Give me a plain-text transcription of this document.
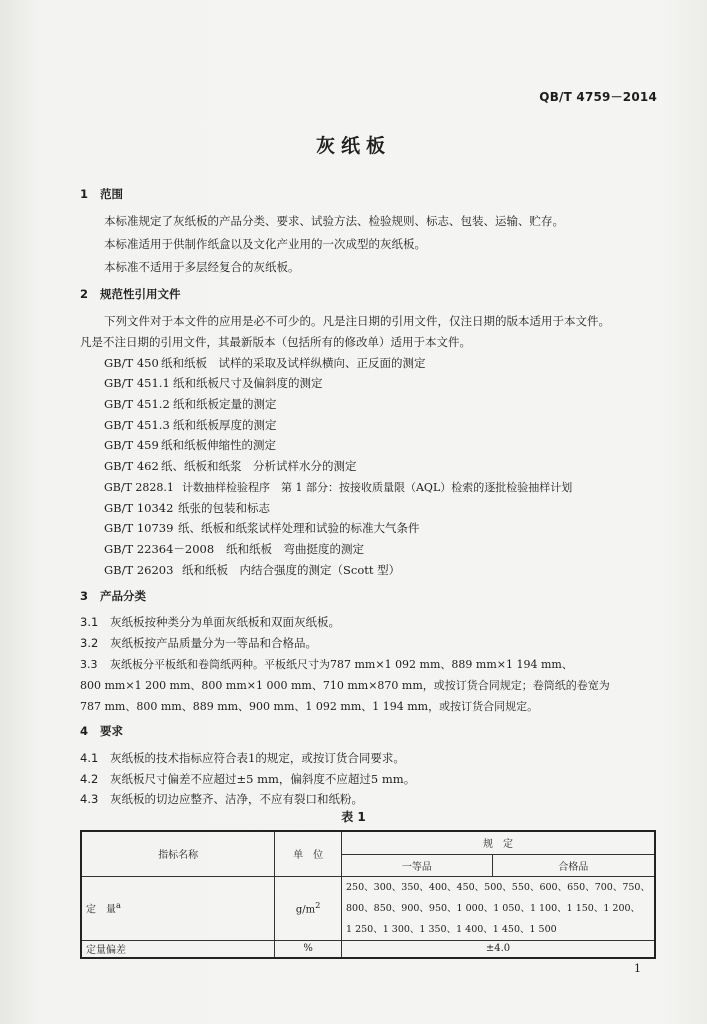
QB/T 4759－2014
灰纸板
1 范围
本标准规定了灰纸板的产品分类、要求、试验方法、检验规则、标志、包装、运输、贮存。
本标准适用于供制作纸盒以及文化产业用的一次成型的灰纸板。
本标准不适用于多层经复合的灰纸板。
2 规范性引用文件
下列文件对于本文件的应用是必不可少的。凡是注日期的引用文件，仅注日期的版本适用于本文件。
凡是不注日期的引用文件，其最新版本（包括所有的修改单）适用于本文件。
GB/T 450 纸和纸板　试样的采取及试样纵横向、正反面的测定
GB/T 451.1 纸和纸板尺寸及偏斜度的测定
GB/T 451.2 纸和纸板定量的测定
GB/T 451.3 纸和纸板厚度的测定
GB/T 459 纸和纸板伸缩性的测定
GB/T 462 纸、纸板和纸浆　分析试样水分的测定
GB/T 2828.1 计数抽样检验程序　第 1 部分：按接收质量限（AQL）检索的逐批检验抽样计划
GB/T 10342 纸张的包装和标志
GB/T 10739 纸、纸板和纸浆试样处理和试验的标准大气条件
GB/T 22364－2008 纸和纸板　弯曲挺度的测定
GB/T 26203 纸和纸板　内结合强度的测定（Scott 型）
3 产品分类
3.1 灰纸板按种类分为单面灰纸板和双面灰纸板。
3.2 灰纸板按产品质量分为一等品和合格品。
3.3 灰纸板分平板纸和卷筒纸两种。平板纸尺寸为787 mm×1 092 mm、889 mm×1 194 mm、
800 mm×1 200 mm、800 mm×1 000 mm、710 mm×870 mm，或按订货合同规定；卷筒纸的卷宽为
787 mm、800 mm、889 mm、900 mm、1 092 mm、1 194 mm，或按订货合同规定。
4 要求
4.1 灰纸板的技术指标应符合表1的规定，或按订货合同要求。
4.2 灰纸板尺寸偏差不应超过±5 mm，偏斜度不应超过5 mm。
4.3 灰纸板的切边应整齐、洁净，不应有裂口和纸粉。
表 1
指标名称	单　位	规　定	
		一等品	合格品
定　量$^a$	$g/m^2$	250、300、350、400、450、500、550、600、650、700、750、
800、850、900、950、1 000、1 050、1 100、1 150、1 200、
1 250、1 300、1 350、1 400、1 450、1 500	

定量偏差	%	±4.0	
1
